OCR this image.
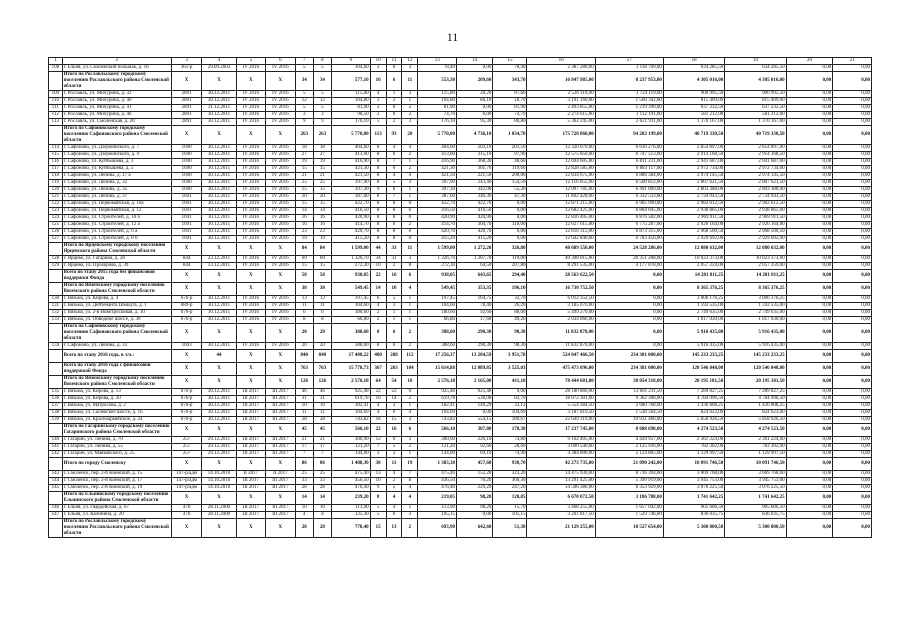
11
1	2	3	4	5	6	7	8	9	10	11	12	13	14	15	16	17	18	19	20	21
108	г. Ельня, ул. Смоленский большак, д. 16	361-р	29.09.2003	IV 2016	IV 2016	5	5	104,60	3	0	3	78,40	0,00	78,40	2 387 280,00	1 118 709,00	634 285,50	634 285,50	0,00	0,00
	Итого по Рославльскому городскому поселению Рославльского района Смоленской области	X	X	X	X	34	34	577,10	16	6	11	553,30	209,60	343,70	16 847 985,00	8 237 953,00	4 305 016,00	4 305 016,00	0,00	0,00
109	г. Рославль, ул. Мичурина, д. 32	2891	30.12.2011	IV 2016	IV 2016	5	5	115,80	4	1	3	115,80	28,20	87,60	2 526 110,00	1 724 119,00	900 995,50	900 995,50	0,00	0,00
110	г. Рославль, ул. Мичурина, д. 40	2891	30.12.2011	IV 2016	IV 2016	12	12	104,80	3	2	1	104,80	86,10	18,70	3 191 160,00	1 560 342,00	815 409,00	815 409,00	0,00	0,00
111	г. Рославль, ул. Мичурина, д. 41	2891	31.12.2011	IV 2016	IV 2016	5	5	81,90	2	0	2	81,90	0,00	81,90	2 493 855,00	1 219 390,00	637 232,50	637 232,50	0,00	0,00
112	г. Рославль, ул. Мичурина, д. 46	2891	30.12.2011	IV 2016	IV 2016	3	3	98,50	2	0	2	74,70	0,00	74,70	2 274 615,00	1 112 191,00	581 212,00	581 212,00	0,00	0,00
113	г. Рославль, ул. Смоленская, д. 20	2891	30.12.2011	IV 2016	IV 2016	9	9	176,10	5	2	3	176,10	95,30	80,80	5 362 245,00	2 621 911,00	1 370 167,00	1 370 167,00	0,00	0,00
	Итого по Сафоновскому городскому поселению Сафоновского района Смоленской области	X	X	X	X	263	263	5 770,80	113	93	20	5 770,80	4 736,10	1 034,70	175 720 860,00	94 282 199,00	40 719 330,50	40 719 330,50	0,00	0,00
114	г. Сафоново, ул. Дзержинского, д. 7	1690	30.12.2011	IV 2016	IV 2016	18	18	404,60	8	4	4	404,60	203,10	201,50	12 320 070,00	6 610 276,00	2 854 897,00	2 854 897,00	0,00	0,00
115	г. Сафоново, ул. Дзержинского, д. 9	1690	30.12.2011	IV 2016	IV 2016	27	27	413,00	8	6	2	413,00	315,10	97,90	12 575 850,00	6 747 513,00	2 914 168,50	2 914 168,50	0,00	0,00
116	г. Сафоново, ул. Куйбышева, д. 3	1690	30.12.2011	IV 2016	IV 2016	19	19	416,90	8	7	1	416,90	368,30	48,60	12 694 605,00	6 811 231,00	2 941 687,00	2 941 687,00	0,00	0,00
117	г. Сафоново, ул. Куйбышева, д. 5	1690	30.12.2011	IV 2016	IV 2016	15	15	421,30	8	6	2	421,30	301,70	119,60	12 828 585,00	6 883 117,00	2 972 734,00	2 972 734,00	0,00	0,00
118	г. Сафоново, ул. Ленина, д. 17 а	1690	30.12.2011	IV 2016	IV 2016	21	21	421,50	8	4	4	421,50	221,50	200,00	12 834 675,00	6 886 384,00	2 974 145,50	2 974 145,50	0,00	0,00
119	г. Сафоново, ул. Ленина, д. 32	1690	30.12.2011	IV 2016	IV 2016	25	25	397,90	8	5	3	397,90	243,40	154,50	12 116 055,00	6 500 812,00	2 807 621,50	2 807 621,50	0,00	0,00
120	г. Сафоново, ул. Ленина, д. 35	1690	30.12.2011	IV 2016	IV 2016	15	15	397,30	9	8	1	397,30	342,00	55,30	12 097 785,00	6 491 009,00	2 803 388,00	2 803 388,00	0,00	0,00
121	г. Сафоново, ул. Ленина, д. 37	1691	30.12.2011	IV 2016	IV 2016	20	20	387,60	8	7	1	387,60	340,30	47,30	11 802 420,00	6 332 533,00	2 734 943,50	2 734 943,50	0,00	0,00
122	г. Сафоново, ул. Первомайская, д. 10а	1691	30.12.2011	IV 2016	IV 2016	15	15	422,70	8	8	0	422,70	422,70	0,00	12 871 215,00	6 905 990,00	2 982 612,50	2 982 612,50	0,00	0,00
123	г. Сафоново, ул. Первомайская, д. 12	1691	30.12.2011	IV 2016	IV 2016	14	14	416,50	8	8	0	416,50	416,50	0,00	12 682 425,00	6 804 695,00	2 938 865,00	2 938 865,00	0,00	0,00
124	г. Сафоново, ул. Строителей, д. 10 б	1691	30.12.2011	IV 2016	IV 2016	16	16	420,90	8	8	0	420,90	420,90	0,00	12 816 405,00	6 876 582,00	2 969 911,50	2 969 911,50	0,00	0,00
125	г. Сафоново, ул. Строителей, д. 12 а	1691	30.12.2011	IV 2016	IV 2016	16	16	414,70	8	6	2	414,70	304,70	110,00	12 627 615,00	6 775 287,00	2 926 164,00	2 926 164,00	0,00	0,00
126	г. Сафоново, ул. Строителей, д. 6 а	1691	30.12.2011	IV 2016	IV 2016	23	23	420,70	8	8	0	420,70	420,70	0,00	12 810 315,00	6 873 315,00	2 968 500,50	2 968 500,50	0,00	0,00
127	г. Сафоново, ул. Строителей, д. 8 б	1691	30.12.2011	IV 2016	IV 2016	19	19	415,20	8	8	0	415,20	415,20	0,00	12 642 840,00	6 783 456,00	2 929 692,00	2 929 692,00	0,00	0,00
	Итого по Ярцевскому городскому поселению Ярцевского района Смоленской области	X	X	X	X	84	84	1 599,00	44	33	11	1 599,00	1 272,20	326,80	48 689 550,00	24 528 286,00	12 080 632,00	12 080 632,00	0,00	0,00
128	г. Ярцево, ул. Гагарина, д. 28	844	23.12.2011	IV 2016	IV 2016	69	69	1 326,70	34	31	3	1 326,70	1 207,70	119,00	40 398 015,00	20 351 208,00	10 023 373,00	10 023 373,00	0,00	0,00
129	г. Ярцево, ул. Прохорова, д. 39	844	23.12.2011	IV 2016	IV 2016	15	15	272,30	10	2	8	272,30	64,50	207,80	8 291 535,00	4 177 078,00	2 057 259,00	2 057 259,00	0,00	0,00
	Всего по этапу 2015 года без финансовой поддержки Фонда	X	X	X	X	58	58	938,05	22	16	6	938,05	643,65	294,40	28 563 622,50	0,00	14 281 811,25	14 281 811,25	0,00	0,00
	Итого по Вяземскому городскому поселению Вяземского района Смоленской области	X	X	X	X	38	38	549,45	14	10	4	549,45	353,35	196,10	16 730 752,50	0,00	8 365 376,25	8 365 376,25	0,00	0,00
130	г. Вязьма, ул. Кирова, д. 4	676-р	30.12.2011	IV 2016	IV 2016	13	13	197,45	6	5	1	197,45	164,75	32,70	6 012 352,50	0,00	3 006 176,25	3 006 176,25	0,00	0,00
131	г. Вязьма, ул. Дейтенанта Шмидта, д. 1	689-р	30.12.2011	IV 2016	IV 2016	11	11	104,60	4	3	1	104,60	78,40	26,20	3 185 070,00	0,00	1 592 535,00	1 592 535,00	0,00	0,00
132	г. Вязьма, ул. 2-я Новотросковая, д. 10	676-р	30.12.2011	IV 2016	IV 2016	6	6	180,60	2	1	1	180,60	92,60	88,00	5 499 270,00	0,00	2 749 635,00	2 749 635,00	0,00	0,00
133	г. Вязьма, ул. Обводное шоссе, д. 30	676-р	30.12.2011	IV 2016	IV 2016	8	8	66,80	2	1	1	66,80	17,60	49,20	2 034 060,00	0,00	1 017 030,00	1 017 030,00	0,00	0,00
	Итого по Сафоновскому городскому поселению Сафоновского района Смоленской области	X	X	X	X	20	20	388,60	8	6	2	388,60	290,30	98,30	11 832 870,00	0,00	5 916 435,00	5 916 435,00	0,00	0,00
134	г. Сафоново, ул. Ленина, д. 33	1693	30.12.2011	IV 2016	IV 2016	20	20	388,60	8	6	2	388,60	290,30	98,30	11 832 870,00	0,00	5 916 435,00	5 916 435,00	0,00	0,00
	Всего по этапу 2016 года, в т.ч.:	X	44	X	X	840	840	17 400,22	400	288	112	17 256,37	13 284,59	3 951,78	524 847 466,50	234 381 000,00	145 233 233,25	145 233 233,25	0,00	0,00
	Всего по этапу 2016 года с финансовой поддержкой Фонда	X	X	X	X	763	763	15 778,73	367	263	104	15 614,88	12 089,85	3 525,03	475 473 096,00	234 381 000,00	120 546 048,00	120 546 048,00	0,00	0,00
	Итого по Вяземскому городскому поселению Вяземского района Смоленской области	X	X	X	X	126	126	2 576,18	64	54	10	2 576,18	2 165,00	411,18	78 444 681,00	38 054 318,00	20 195 181,50	20 195 181,50	0,00	0,00
135	г. Вязьма, ул. Кирова, д. 13	676-р	30.12.2011	III 2017	III 2017	46	46	925,48	22	22	0	925,48	925,48	0,00	28 180 866,00	13 601 211,50	7 289 827,25	7 289 827,25	0,00	0,00
136	г. Вязьма, ул. Кирова, д. 20	676-р	30.12.2011	III 2017	III 2017	31	31	619,78	16	14	2	619,78	536,08	83,70	18 872 301,00	9 302 308,00	4 784 996,50	4 784 996,50	0,00	0,00
137	г. Вязьма, ул. Матросова, д. 2	676-р	30.12.2011	III 2017	III 2017	10	10	182,41	4	3	1	182,41	149,29	33,12	5 554 384,50	2 680 768,00	1 436 808,25	1 436 808,25	0,00	0,00
138	г. Вязьма, ул. Сычевское шоссе, д. 16	676-р	30.12.2011	III 2017	III 2017	11	11	104,69	4	0	4	104,69	0,00	104,69	3 187 810,50	1 538 564,50	824 623,00	824 623,00	0,00	0,00
139	г. Вязьма, ул. Красноармейское, д. 24	676-р	30.12.2011	III 2017	III 2017	28	28	743,82	18	15	3	743,82	554,15	189,67	22 649 319,00	10 931 466,00	5 858 926,50	5 858 926,50	0,00	0,00
	Итого по Гагаринскому городскому поселению Гагаринского района Смоленской области	X	X	X	X	45	45	566,10	22	16	6	566,10	387,80	178,30	17 237 745,00	8 688 698,00	4 274 523,50	4 274 523,50	0,00	0,00
140	г. Гагарин, ул. Ленина, д. 70	257	29.12.2011	III 2017	III 2017	21	21	300,90	12	9	3	300,90	226,10	74,80	9 162 405,00	4 439 957,00	2 361 224,00	2 361 224,00	0,00	0,00
141	г. Гагарин, ул. Ленина, д. 55	257	29.12.2011	III 2017	III 2017	17	17	121,20	7	5	2	121,20	92,60	28,60	3 690 540,00	2 125 936,00	782 302,00	782 302,00	0,00	0,00
142	г. Гагарин, ул. Маяковского, д. 25	257	29.12.2011	III 2017	III 2017	7	7	144,00	3	2	1	144,00	69,10	74,90	4 384 800,00	2 124 805,00	1 129 997,50	1 129 997,50	0,00	0,00
	Итого по городу Смоленску	X	X	X	X	86	86	1 408,30	30	11	19	1 383,30	457,60	930,70	42 273 735,00	21 090 242,00	10 091 746,50	10 091 746,50	0,00	0,00
143	г. Смоленск, пер. 2-й Киевский, д. 15	147-р/адм	14.10.2010	II 2017	II 2017	25	25	475,40	13	4	7	475,40	152,20	323,20	14 475 930,00	8 736 394,00	3 069 768,00	3 069 768,00	0,00	0,00
144	г. Смоленск, пер. 2-й Киевский, д. 17	147-р/адм	14.10.2010	III 2017	III 2017	33	33	456,50	10	2	8	436,50	76,20	360,30	13 291 425,00	5 399 919,00	3 945 753,00	3 945 753,00	0,00	0,00
145	г. Смоленск, пер. 2-й Киевский, д. 19	147-р/адм	14.10.2010	III 2017	III 2017	28	28	476,40	9	5	4	476,40	229,20	247,20	14 506 380,00	8 353 929,00	3 076 225,50	3 076 225,50	0,00	0,00
	Итого по Ельнинскому городскому поселению Ельнинского района Смоленской области	X	X	X	X	14	14	239,20	8	4	4	219,05	98,20	120,85	6 670 072,50	3 186 788,00	1 741 642,25	1 741 642,25	0,00	0,00
146	г. Ельня, ул. Гвардейская, д. 67	476	28.11.2000	III 2017	III 2017	10	10	113,90	5	4	1	113,90	98,20	15,70	3 468 255,00	1 657 042,00	905 606,50	905 606,50	0,00	0,00
147	г. Ельня, ул. Калинина, д. 20	476	28.11.2000	III 2017	III 2017	4	4	125,30	5	0	3	105,15	0,00	105,15	3 201 817,50	1 529 746,00	836 035,75	836 035,75	0,00	0,00
	Итого по Рославльскому городскому поселению Рославльского района Смоленской области	X	X	X	X	28	28	778,40	15	13	2	693,90	642,60	51,30	21 129 255,00	10 527 654,00	5 300 800,50	5 300 800,50	0,00	0,00
